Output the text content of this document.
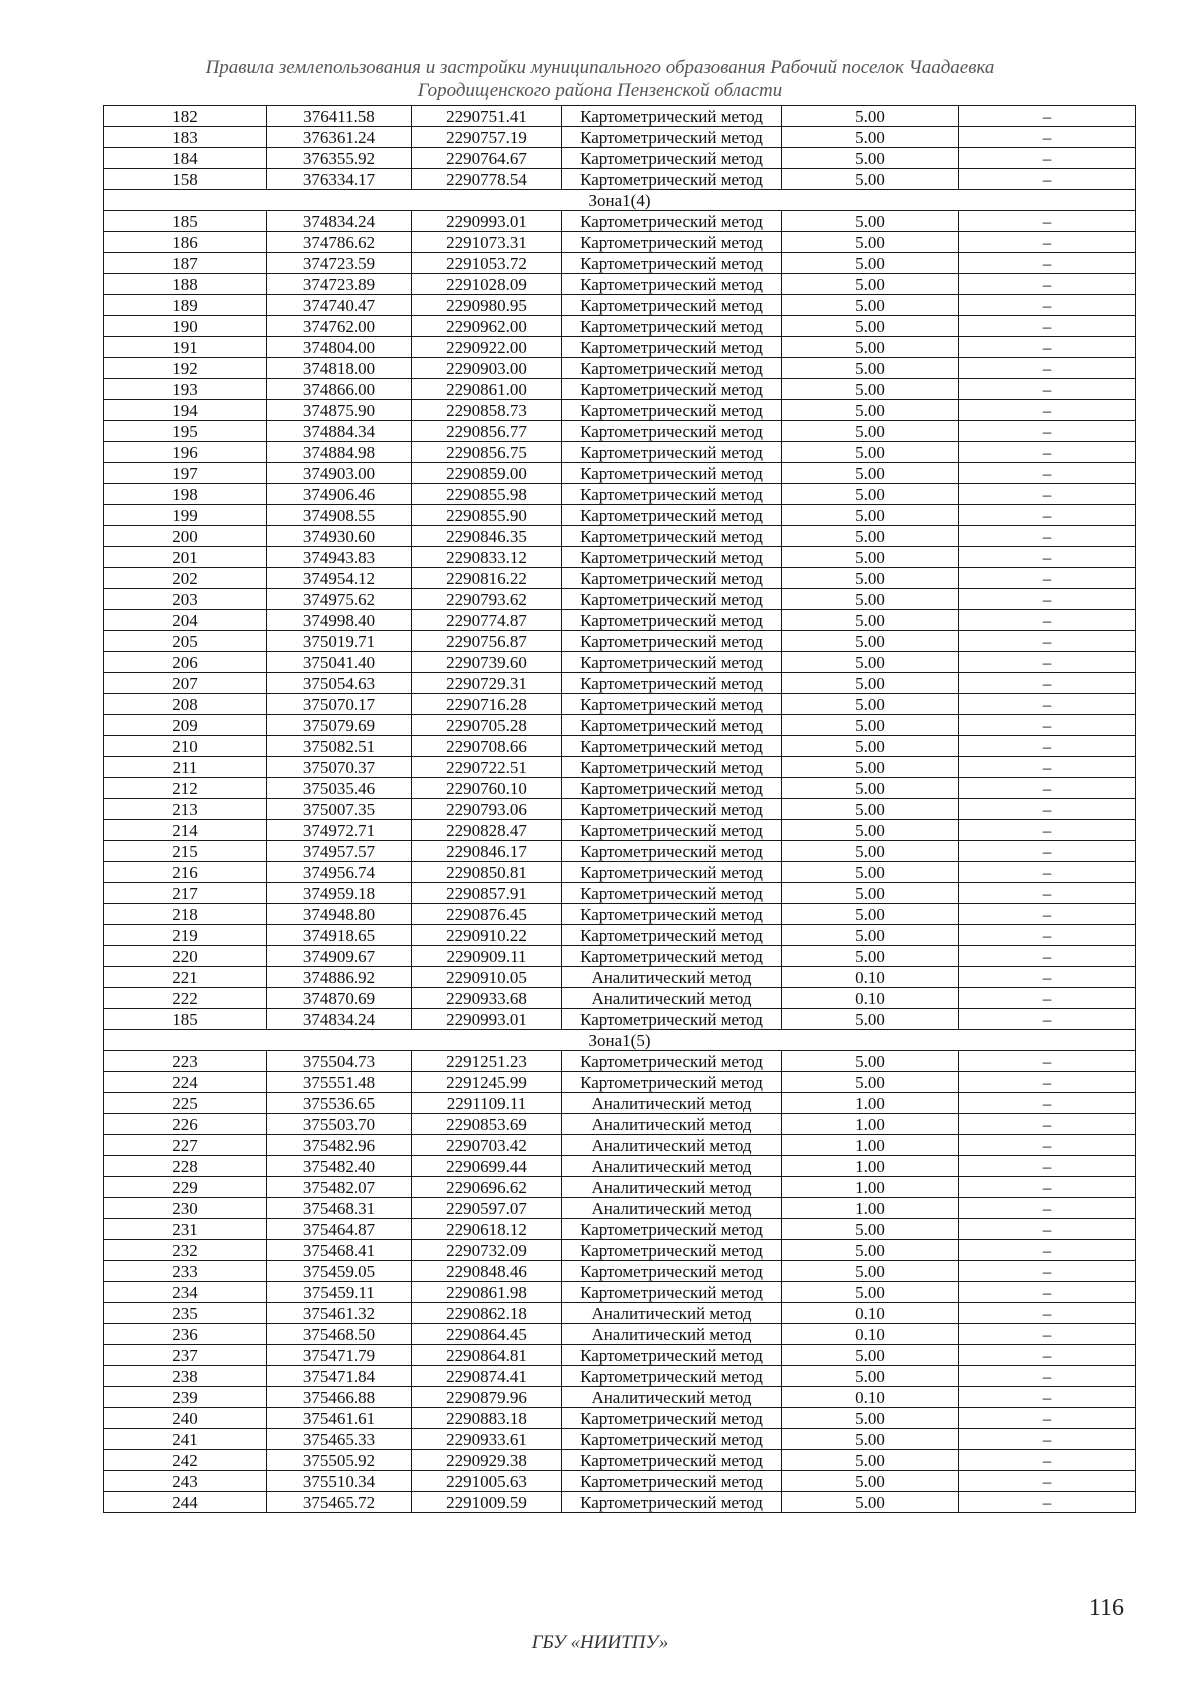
Правила землепользования и застройки муниципального образования Рабочий поселок Чаадаевка
Городищенского района Пензенской области
182	376411.58	2290751.41	Картометрический метод	5.00	–
183	376361.24	2290757.19	Картометрический метод	5.00	–
184	376355.92	2290764.67	Картометрический метод	5.00	–
158	376334.17	2290778.54	Картометрический метод	5.00	–
Зона1(4)					
185	374834.24	2290993.01	Картометрический метод	5.00	–
186	374786.62	2291073.31	Картометрический метод	5.00	–
187	374723.59	2291053.72	Картометрический метод	5.00	–
188	374723.89	2291028.09	Картометрический метод	5.00	–
189	374740.47	2290980.95	Картометрический метод	5.00	–
190	374762.00	2290962.00	Картометрический метод	5.00	–
191	374804.00	2290922.00	Картометрический метод	5.00	–
192	374818.00	2290903.00	Картометрический метод	5.00	–
193	374866.00	2290861.00	Картометрический метод	5.00	–
194	374875.90	2290858.73	Картометрический метод	5.00	–
195	374884.34	2290856.77	Картометрический метод	5.00	–
196	374884.98	2290856.75	Картометрический метод	5.00	–
197	374903.00	2290859.00	Картометрический метод	5.00	–
198	374906.46	2290855.98	Картометрический метод	5.00	–
199	374908.55	2290855.90	Картометрический метод	5.00	–
200	374930.60	2290846.35	Картометрический метод	5.00	–
201	374943.83	2290833.12	Картометрический метод	5.00	–
202	374954.12	2290816.22	Картометрический метод	5.00	–
203	374975.62	2290793.62	Картометрический метод	5.00	–
204	374998.40	2290774.87	Картометрический метод	5.00	–
205	375019.71	2290756.87	Картометрический метод	5.00	–
206	375041.40	2290739.60	Картометрический метод	5.00	–
207	375054.63	2290729.31	Картометрический метод	5.00	–
208	375070.17	2290716.28	Картометрический метод	5.00	–
209	375079.69	2290705.28	Картометрический метод	5.00	–
210	375082.51	2290708.66	Картометрический метод	5.00	–
211	375070.37	2290722.51	Картометрический метод	5.00	–
212	375035.46	2290760.10	Картометрический метод	5.00	–
213	375007.35	2290793.06	Картометрический метод	5.00	–
214	374972.71	2290828.47	Картометрический метод	5.00	–
215	374957.57	2290846.17	Картометрический метод	5.00	–
216	374956.74	2290850.81	Картометрический метод	5.00	–
217	374959.18	2290857.91	Картометрический метод	5.00	–
218	374948.80	2290876.45	Картометрический метод	5.00	–
219	374918.65	2290910.22	Картометрический метод	5.00	–
220	374909.67	2290909.11	Картометрический метод	5.00	–
221	374886.92	2290910.05	Аналитический метод	0.10	–
222	374870.69	2290933.68	Аналитический метод	0.10	–
185	374834.24	2290993.01	Картометрический метод	5.00	–
Зона1(5)					
223	375504.73	2291251.23	Картометрический метод	5.00	–
224	375551.48	2291245.99	Картометрический метод	5.00	–
225	375536.65	2291109.11	Аналитический метод	1.00	–
226	375503.70	2290853.69	Аналитический метод	1.00	–
227	375482.96	2290703.42	Аналитический метод	1.00	–
228	375482.40	2290699.44	Аналитический метод	1.00	–
229	375482.07	2290696.62	Аналитический метод	1.00	–
230	375468.31	2290597.07	Аналитический метод	1.00	–
231	375464.87	2290618.12	Картометрический метод	5.00	–
232	375468.41	2290732.09	Картометрический метод	5.00	–
233	375459.05	2290848.46	Картометрический метод	5.00	–
234	375459.11	2290861.98	Картометрический метод	5.00	–
235	375461.32	2290862.18	Аналитический метод	0.10	–
236	375468.50	2290864.45	Аналитический метод	0.10	–
237	375471.79	2290864.81	Картометрический метод	5.00	–
238	375471.84	2290874.41	Картометрический метод	5.00	–
239	375466.88	2290879.96	Аналитический метод	0.10	–
240	375461.61	2290883.18	Картометрический метод	5.00	–
241	375465.33	2290933.61	Картометрический метод	5.00	–
242	375505.92	2290929.38	Картометрический метод	5.00	–
243	375510.34	2291005.63	Картометрический метод	5.00	–
244	375465.72	2291009.59	Картометрический метод	5.00	–
116
ГБУ «НИИТПУ»
